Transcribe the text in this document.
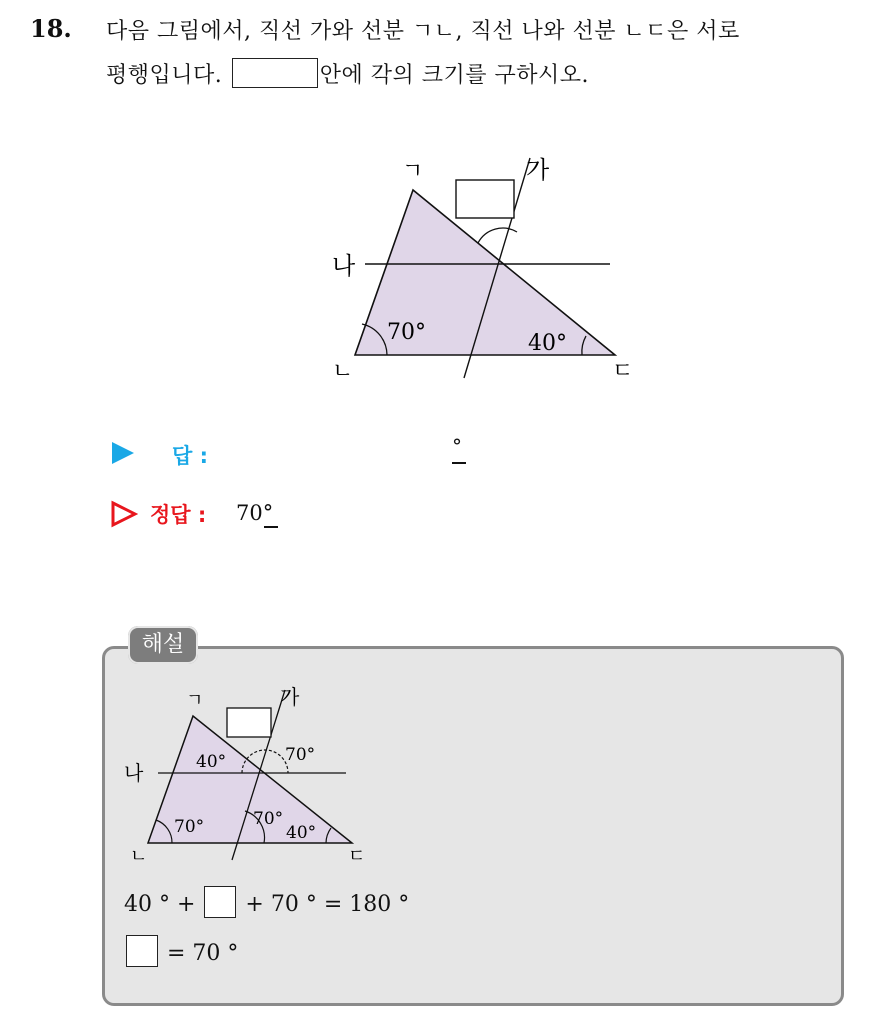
18. 다음 그림에서, 직선 가와 선분 ㄱㄴ, 직선 나와 선분 ㄴㄷ은 서로
평행입니다.	안에 각의 크기를 구하시오.
70°	40°
ㄱ
ㄴ	ㄷ
가
나
답 :	°
정답 : 70°
해설
40°	70°
70°	70°
40°
ㄱ
ㄴ	ㄷ
가
나
40 ° + + 70 ° = 180 °
= 70 °
